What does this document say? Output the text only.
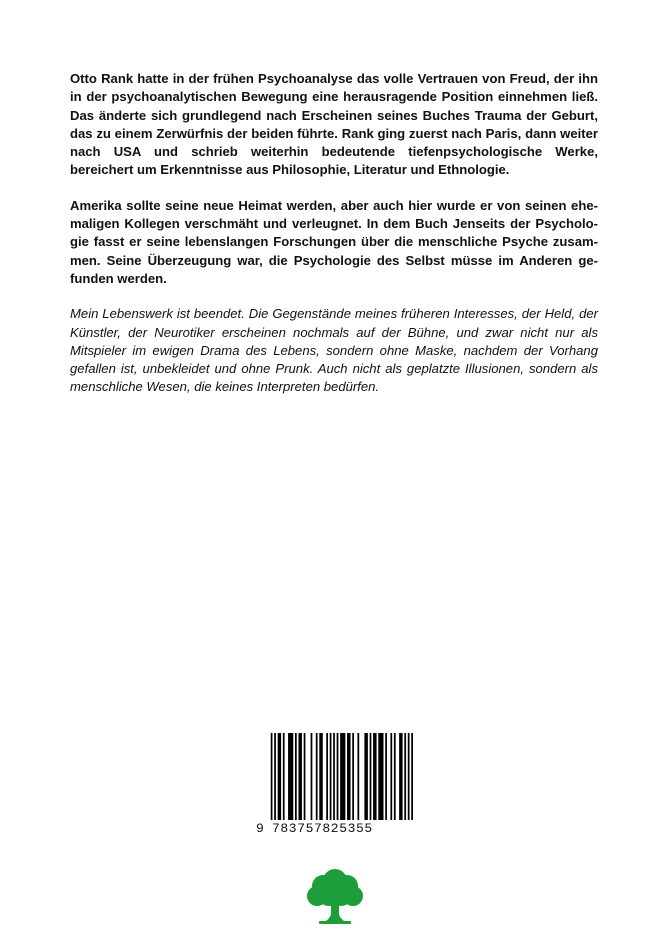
Otto Rank hatte in der frühen Psychoanalyse das volle Vertrauen von Freud, der ihn in der psychoanalytischen Bewegung eine herausragende Position einnehmen ließ. Das änderte sich grundlegend nach Erscheinen seines Buches Trauma der Geburt, das zu einem Zerwürfnis der beiden führte. Rank ging zuerst nach Paris, dann weiter nach USA und schrieb weiterhin bedeutende tiefenpsychologische Werke, bereichert um Erkenntnisse aus Philosophie, Literatur und Ethnologie.

Amerika sollte seine neue Heimat werden, aber auch hier wurde er von seinen ehemaligen Kollegen verschmäht und verleugnet. In dem Buch Jenseits der Psychologie fasst er seine lebenslangen Forschungen über die menschliche Psyche zusammen. Seine Überzeugung war, die Psychologie des Selbst müsse im Anderen gefunden werden.

Mein Lebenswerk ist beendet. Die Gegenstände meines früheren Interesses, der Held, der Künstler, der Neurotiker erscheinen nochmals auf der Bühne, und zwar nicht nur als Mitspieler im ewigen Drama des Lebens, sondern ohne Maske, nachdem der Vorhang gefallen ist, unbekleidet und ohne Prunk. Auch nicht als geplatzte Illusionen, sondern als menschliche Wesen, die keines Interpreten bedürfen.

9 783757825355
